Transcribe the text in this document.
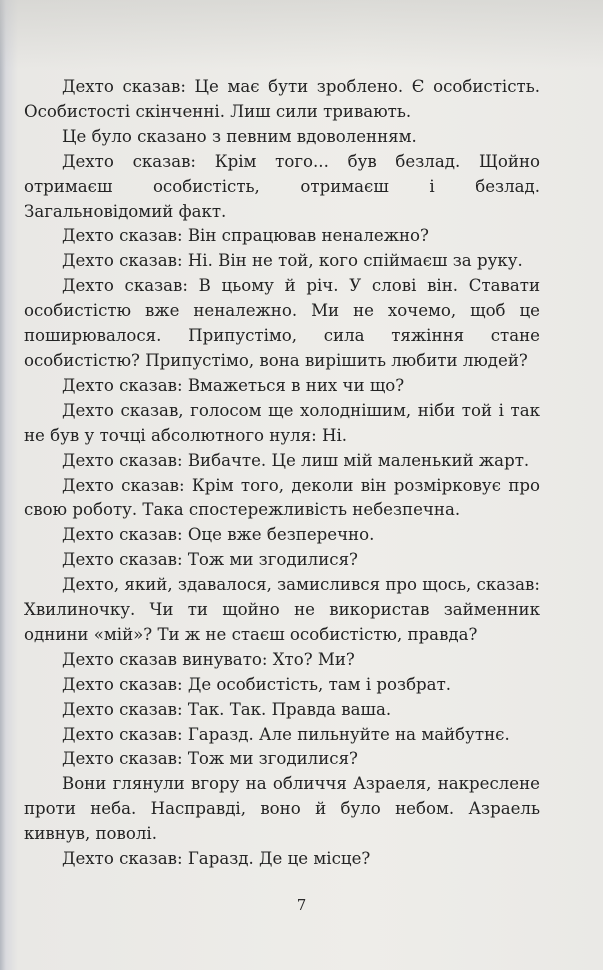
Дехто сказав: Це має бути зроблено. Є особистість. Особистості скінченні. Лиш сили тривають.

Це було сказано з певним вдоволенням.

Дехто сказав: Крім того... був безлад. Щойно отримаєш особистість, отримаєш і безлад. Загальновідомий факт.

Дехто сказав: Він спрацював неналежно?

Дехто сказав: Ні. Він не той, кого спіймаєш за руку.

Дехто сказав: В цьому й річ. У слові він. Ставати особистістю вже неналежно. Ми не хочемо, щоб це поширювалося. Припустімо, сила тяжіння стане особистістю? Припустімо, вона вирішить любити людей?

Дехто сказав: Вмажеться в них чи що?

Дехто сказав, голосом ще холоднішим, ніби той і так не був у точці абсолютного нуля: Ні.

Дехто сказав: Вибачте. Це лиш мій маленький жарт.

Дехто сказав: Крім того, деколи він розмірковує про свою роботу. Така спостережливість небезпечна.

Дехто сказав: Оце вже безперечно.

Дехто сказав: Тож ми згодилися?

Дехто, який, здавалося, замислився про щось, сказав: Хвилиночку. Чи ти щойно не використав займенник однини «мій»? Ти ж не стаєш особистістю, правда?

Дехто сказав винувато: Хто? Ми?

Дехто сказав: Де особистість, там і розбрат.

Дехто сказав: Так. Так. Правда ваша.

Дехто сказав: Гаразд. Але пильнуйте на майбутнє.

Дехто сказав: Тож ми згодилися?

Вони глянули вгору на обличчя Азраеля, накреслене проти неба. Насправді, воно й було небом. Азраель кивнув, поволі.

Дехто сказав: Гаразд. Де це місце?

7
